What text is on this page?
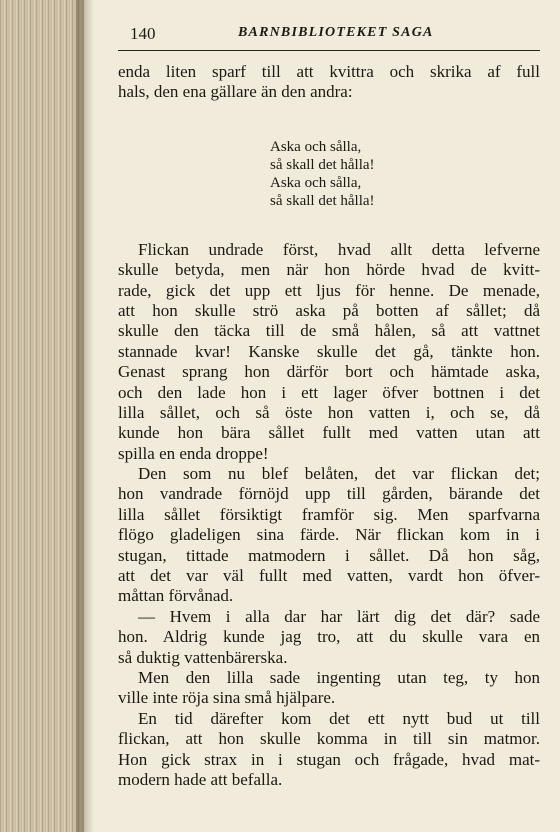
140	BARNBIBLIOTEKET SAGA
enda liten sparf till att kvittra och skrika af full
hals, den ena gällare än den andra:
Aska och sålla,
så skall det hålla!
Aska och sålla,
så skall det hålla!
Flickan undrade först, hvad allt detta lefverne
skulle betyda, men när hon hörde hvad de kvitt-
rade, gick det upp ett ljus för henne. De menade,
att hon skulle strö aska på botten af sållet; då
skulle den täcka till de små hålen, så att vattnet
stannade kvar! Kanske skulle det gå, tänkte hon.
Genast sprang hon därför bort och hämtade aska,
och den lade hon i ett lager öfver bottnen i det
lilla sållet, och så öste hon vatten i, och se, då
kunde hon bära sållet fullt med vatten utan att
spilla en enda droppe!
Den som nu blef belåten, det var flickan det;
hon vandrade förnöjd upp till gården, bärande det
lilla sållet försiktigt framför sig. Men sparfvarna
flögo gladeligen sina färde. När flickan kom in i
stugan, tittade matmodern i sållet. Då hon såg,
att det var väl fullt med vatten, vardt hon öfver-
måttan förvånad.
— Hvem i alla dar har lärt dig det där? sade
hon. Aldrig kunde jag tro, att du skulle vara en
så duktig vattenbärerska.
Men den lilla sade ingenting utan teg, ty hon
ville inte röja sina små hjälpare.
En tid därefter kom det ett nytt bud ut till
flickan, att hon skulle komma in till sin matmor.
Hon gick strax in i stugan och frågade, hvad mat-
modern hade att befalla.
